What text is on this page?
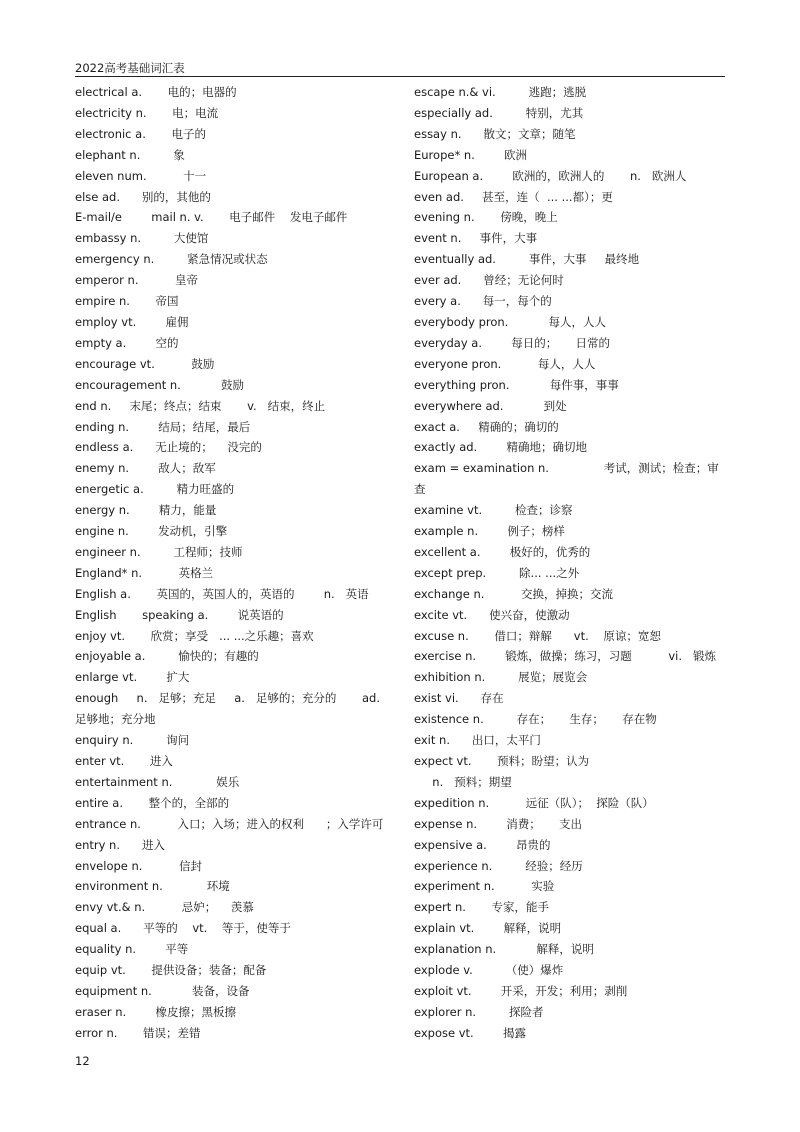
2022高考基础词汇表
electrical a.       电的；电器的
electricity n.       电；电流
electronic a.       电子的
elephant n.         象
eleven num.          十一
else ad.      别的，其他的
E-mail/e        mail n. v.       电子邮件    发电子邮件
embassy n.         大使馆
emergency n.         紧急情况或状态
emperor n.          皇帝
empire n.       帝国
employ vt.        雇佣
empty a.        空的
encourage vt.          鼓励
encouragement n.           鼓励
end n.     末尾；终点；结束       v.   结束，终止
ending n.        结局；结尾，最后
endless a.      无止境的；    没完的
enemy n.        敌人；敌军
energetic a.         精力旺盛的
energy n.        精力，能量
engine n.        发动机，引擎
engineer n.         工程师；技师
England* n.          英格兰
English a.       英国的，英国人的，英语的        n.   英语
English       speaking a.        说英语的
enjoy vt.       欣赏；享受   ... ...之乐趣；喜欢
enjoyable a.         愉快的；有趣的
enlarge vt.        扩大
enough     n.   足够；充足     a.   足够的；充分的       ad.
足够地；充分地
enquiry n.         询问
enter vt.       进入
entertainment n.            娱乐
entire a.       整个的，全部的
entrance n.          入口；入场；进入的权利      ；入学许可
entry n.      进入
envelope n.          信封
environment n.            环境
envy vt.& n.          忌妒；    羡慕
equal a.      平等的    vt.    等于，使等于
equality n.        平等
equip vt.       提供设备；装备；配备
equipment n.           装备，设备
eraser n.        橡皮擦；黑板擦
error n.       错误；差错
escape n.& vi.         逃跑；逃脱
especially ad.         特别，尤其
essay n.      散文；文章；随笔
Europe* n.        欧洲
European a.        欧洲的，欧洲人的       n.   欧洲人
even ad.     甚至，连（  ... ...都）；更
evening n.       傍晚，晚上
event n.     事件，大事
eventually ad.         事件，大事     最终地
ever ad.      曾经；无论何时
every a.      每一，每个的
everybody pron.           每人，人人
everyday a.        每日的；     日常的
everyone pron.          每人，人人
everything pron.           每件事，事事
everywhere ad.           到处
exact a.     精确的；确切的
exactly ad.        精确地；确切地
exam = examination n.               考试，测试；检查；审
查
examine vt.         检查；诊察
example n.        例子；榜样
excellent a.        极好的，优秀的
except prep.         除... ...之外
exchange n.          交换，掉换；交流
excite vt.      使兴奋，使激动
excuse n.       借口；辩解      vt.    原谅；宽恕
exercise n.        锻炼，做操；练习，习题          vi.   锻炼
exhibition n.         展览；展览会
exist vi.      存在
existence n.         存在；     生存；     存在物
exit n.      出口，太平门
expect vt.       预料；盼望；认为
n.   预料；期望
expedition n.          远征（队）；  探险（队）
expense n.        消费；     支出
expensive a.        昂贵的
experience n.         经验；经历
experiment n.          实验
expert n.       专家，能手
explain vt.        解释，说明
explanation n.           解释，说明
explode v.         （使）爆炸
exploit vt.        开采，开发；利用；剥削
explorer n.         探险者
expose vt.        揭露
12
